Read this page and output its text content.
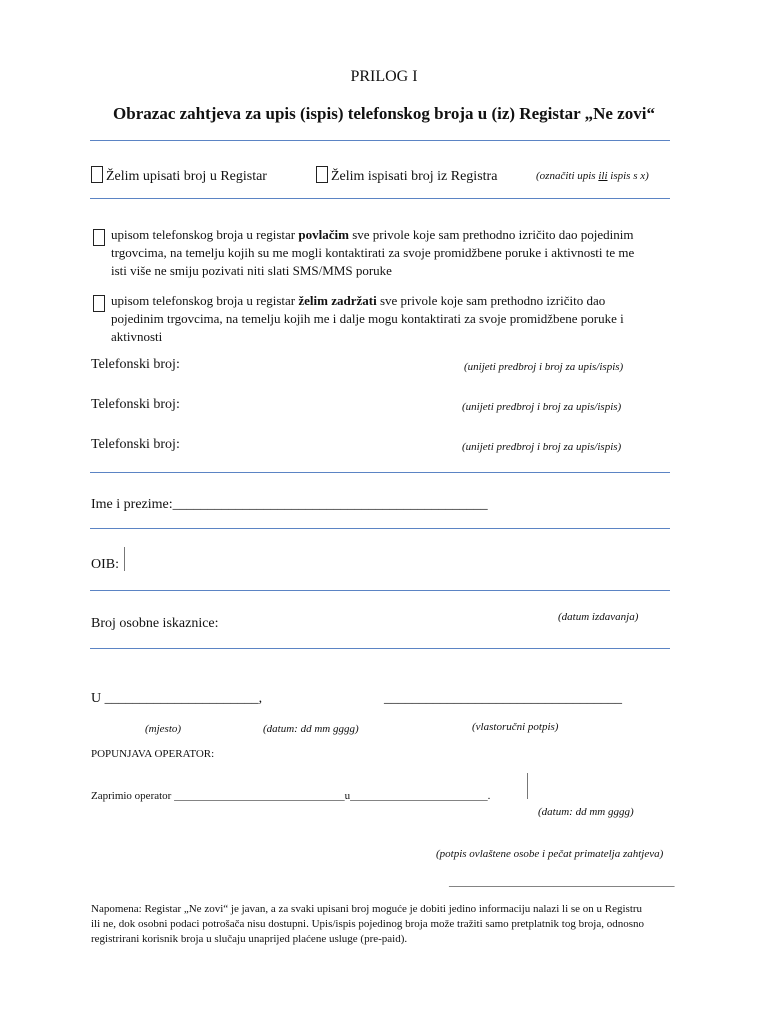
PRILOG I
Obrazac zahtjeva za upis (ispis) telefonskog broja u (iz) Registar „Ne zovi“
Želim upisati broj u Registar	Želim ispisati broj iz Registra	(označiti upis ili ispis s x)
upisom telefonskog broja u registar povlačim sve privole koje sam prethodno izričito dao pojedinim
trgovcima, na temelju kojih su me mogli kontaktirati za svoje promidžbene poruke i aktivnosti te me
isti više ne smiju pozivati niti slati SMS/MMS poruke
upisom telefonskog broja u registar želim zadržati sve privole koje sam prethodno izričito dao
pojedinim trgovcima, na temelju kojih me i dalje mogu kontaktirati za svoje promidžbene poruke i
aktivnosti
Telefonski broj:	(unijeti predbroj i broj za upis/ispis)
Telefonski broj:	(unijeti predbroj i broj za upis/ispis)
Telefonski broj:	(unijeti predbroj i broj za upis/ispis)
Ime i prezime:_____________________________________________
OIB:
Broj osobne iskaznice:	(datum izdavanja)
U ______________________,	__________________________________
(mjesto)	(datum: dd mm gggg)	(vlastoručni potpis)
POPUNJAVA OPERATOR:
Zaprimio operator _______________________________u_________________________.
(datum: dd mm gggg)
(potpis ovlaštene osobe i pečat primatelja zahtjeva)
_________________________________________
Napomena: Registar „Ne zovi“ je javan, a za svaki upisani broj moguće je dobiti jedino informaciju nalazi li se on u Registru
ili ne, dok osobni podaci potrošača nisu dostupni. Upis/ispis pojedinog broja može tražiti samo pretplatnik tog broja, odnosno
registrirani korisnik broja u slučaju unaprijed plaćene usluge (pre-paid).
